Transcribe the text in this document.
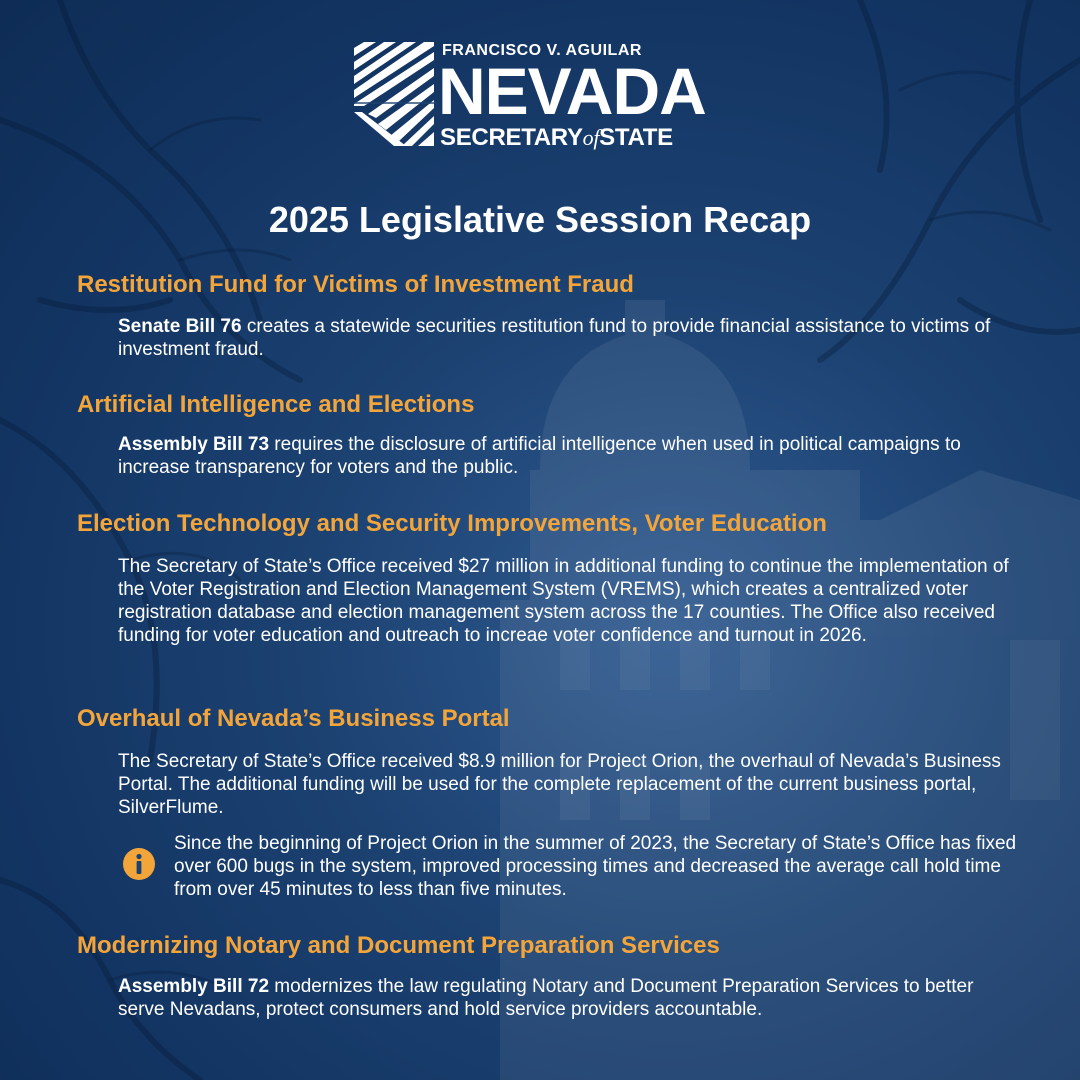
FRANCISCO V. AGUILAR
NEVADA
SECRETARYofSTATE
2025 Legislative Session Recap
Restitution Fund for Victims of Investment Fraud

Senate Bill 76 creates a statewide securities restitution fund to provide financial assistance to victims of investment fraud.

Artificial Intelligence and Elections

Assembly Bill 73 requires the disclosure of artificial intelligence when used in political campaigns to increase transparency for voters and the public.

Election Technology and Security Improvements, Voter Education

The Secretary of State’s Office received $27 million in additional funding to continue the implementation of the Voter Registration and Election Management System (VREMS), which creates a centralized voter registration database and election management system across the 17 counties. The Office also received funding for voter education and outreach to increae voter confidence and turnout in 2026.

Overhaul of Nevada’s Business Portal

The Secretary of State’s Office received $8.9 million for Project Orion, the overhaul of Nevada’s Business Portal. The additional funding will be used for the complete replacement of the current business portal, SilverFlume.

Since the beginning of Project Orion in the summer of 2023, the Secretary of State’s Office has fixed over 600 bugs in the system, improved processing times and decreased the average call hold time from over 45 minutes to less than five minutes.

Modernizing Notary and Document Preparation Services

Assembly Bill 72 modernizes the law regulating Notary and Document Preparation Services to better serve Nevadans, protect consumers and hold service providers accountable.
